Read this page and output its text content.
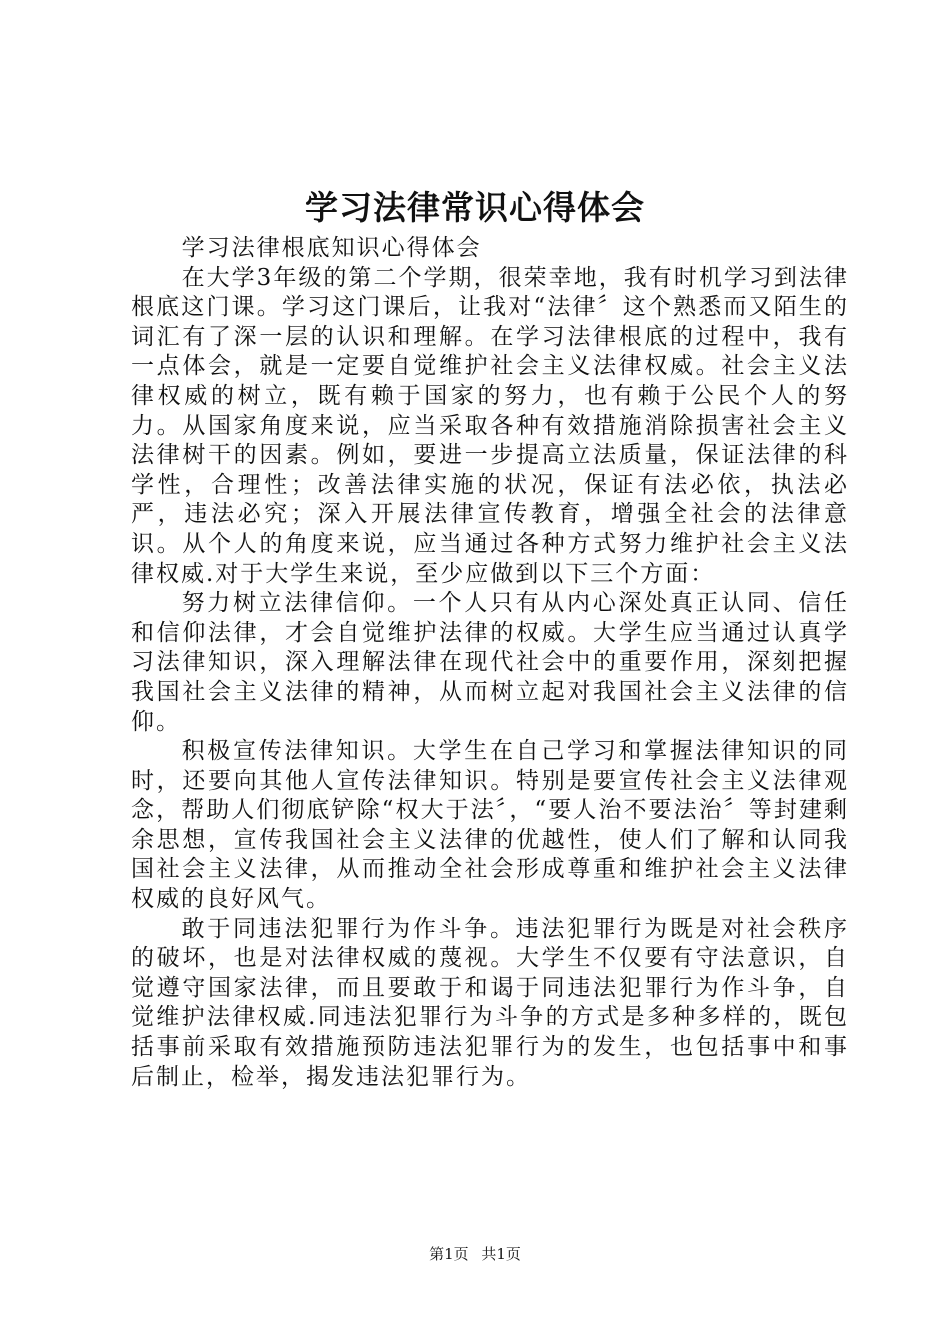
学习法律常识心得体会

学习法律根底知识心得体会

在大学3年级的第二个学期，很荣幸地，我有时机学习到法律根底这门课。学习这门课后，让我对“法律〞这个熟悉而又陌生的词汇有了深一层的认识和理解。在学习法律根底的过程中，我有一点体会，就是一定要自觉维护社会主义法律权威。社会主义法律权威的树立，既有赖于国家的努力，也有赖于公民个人的努力。从国家角度来说，应当采取各种有效措施消除损害社会主义法律树干的因素。例如，要进一步提高立法质量，保证法律的科学性，合理性；改善法律实施的状况，保证有法必依，执法必严，违法必究；深入开展法律宣传教育，增强全社会的法律意识。从个人的角度来说，应当通过各种方式努力维护社会主义法律权威.对于大学生来说，至少应做到以下三个方面：

努力树立法律信仰。一个人只有从内心深处真正认同、信任和信仰法律，才会自觉维护法律的权威。大学生应当通过认真学习法律知识，深入理解法律在现代社会中的重要作用，深刻把握我国社会主义法律的精神，从而树立起对我国社会主义法律的信仰。

积极宣传法律知识。大学生在自己学习和掌握法律知识的同时，还要向其他人宣传法律知识。特别是要宣传社会主义法律观念，帮助人们彻底铲除“权大于法〞，“要人治不要法治〞等封建剩余思想，宣传我国社会主义法律的优越性，使人们了解和认同我国社会主义法律，从而推动全社会形成尊重和维护社会主义法律权威的良好风气。

敢于同违法犯罪行为作斗争。违法犯罪行为既是对社会秩序的破坏，也是对法律权威的蔑视。大学生不仅要有守法意识，自觉遵守国家法律，而且要敢于和谒于同违法犯罪行为作斗争，自觉维护法律权威.同违法犯罪行为斗争的方式是多种多样的，既包括事前采取有效措施预防违法犯罪行为的发生，也包括事中和事后制止，检举，揭发违法犯罪行为。

第1页 共1页
